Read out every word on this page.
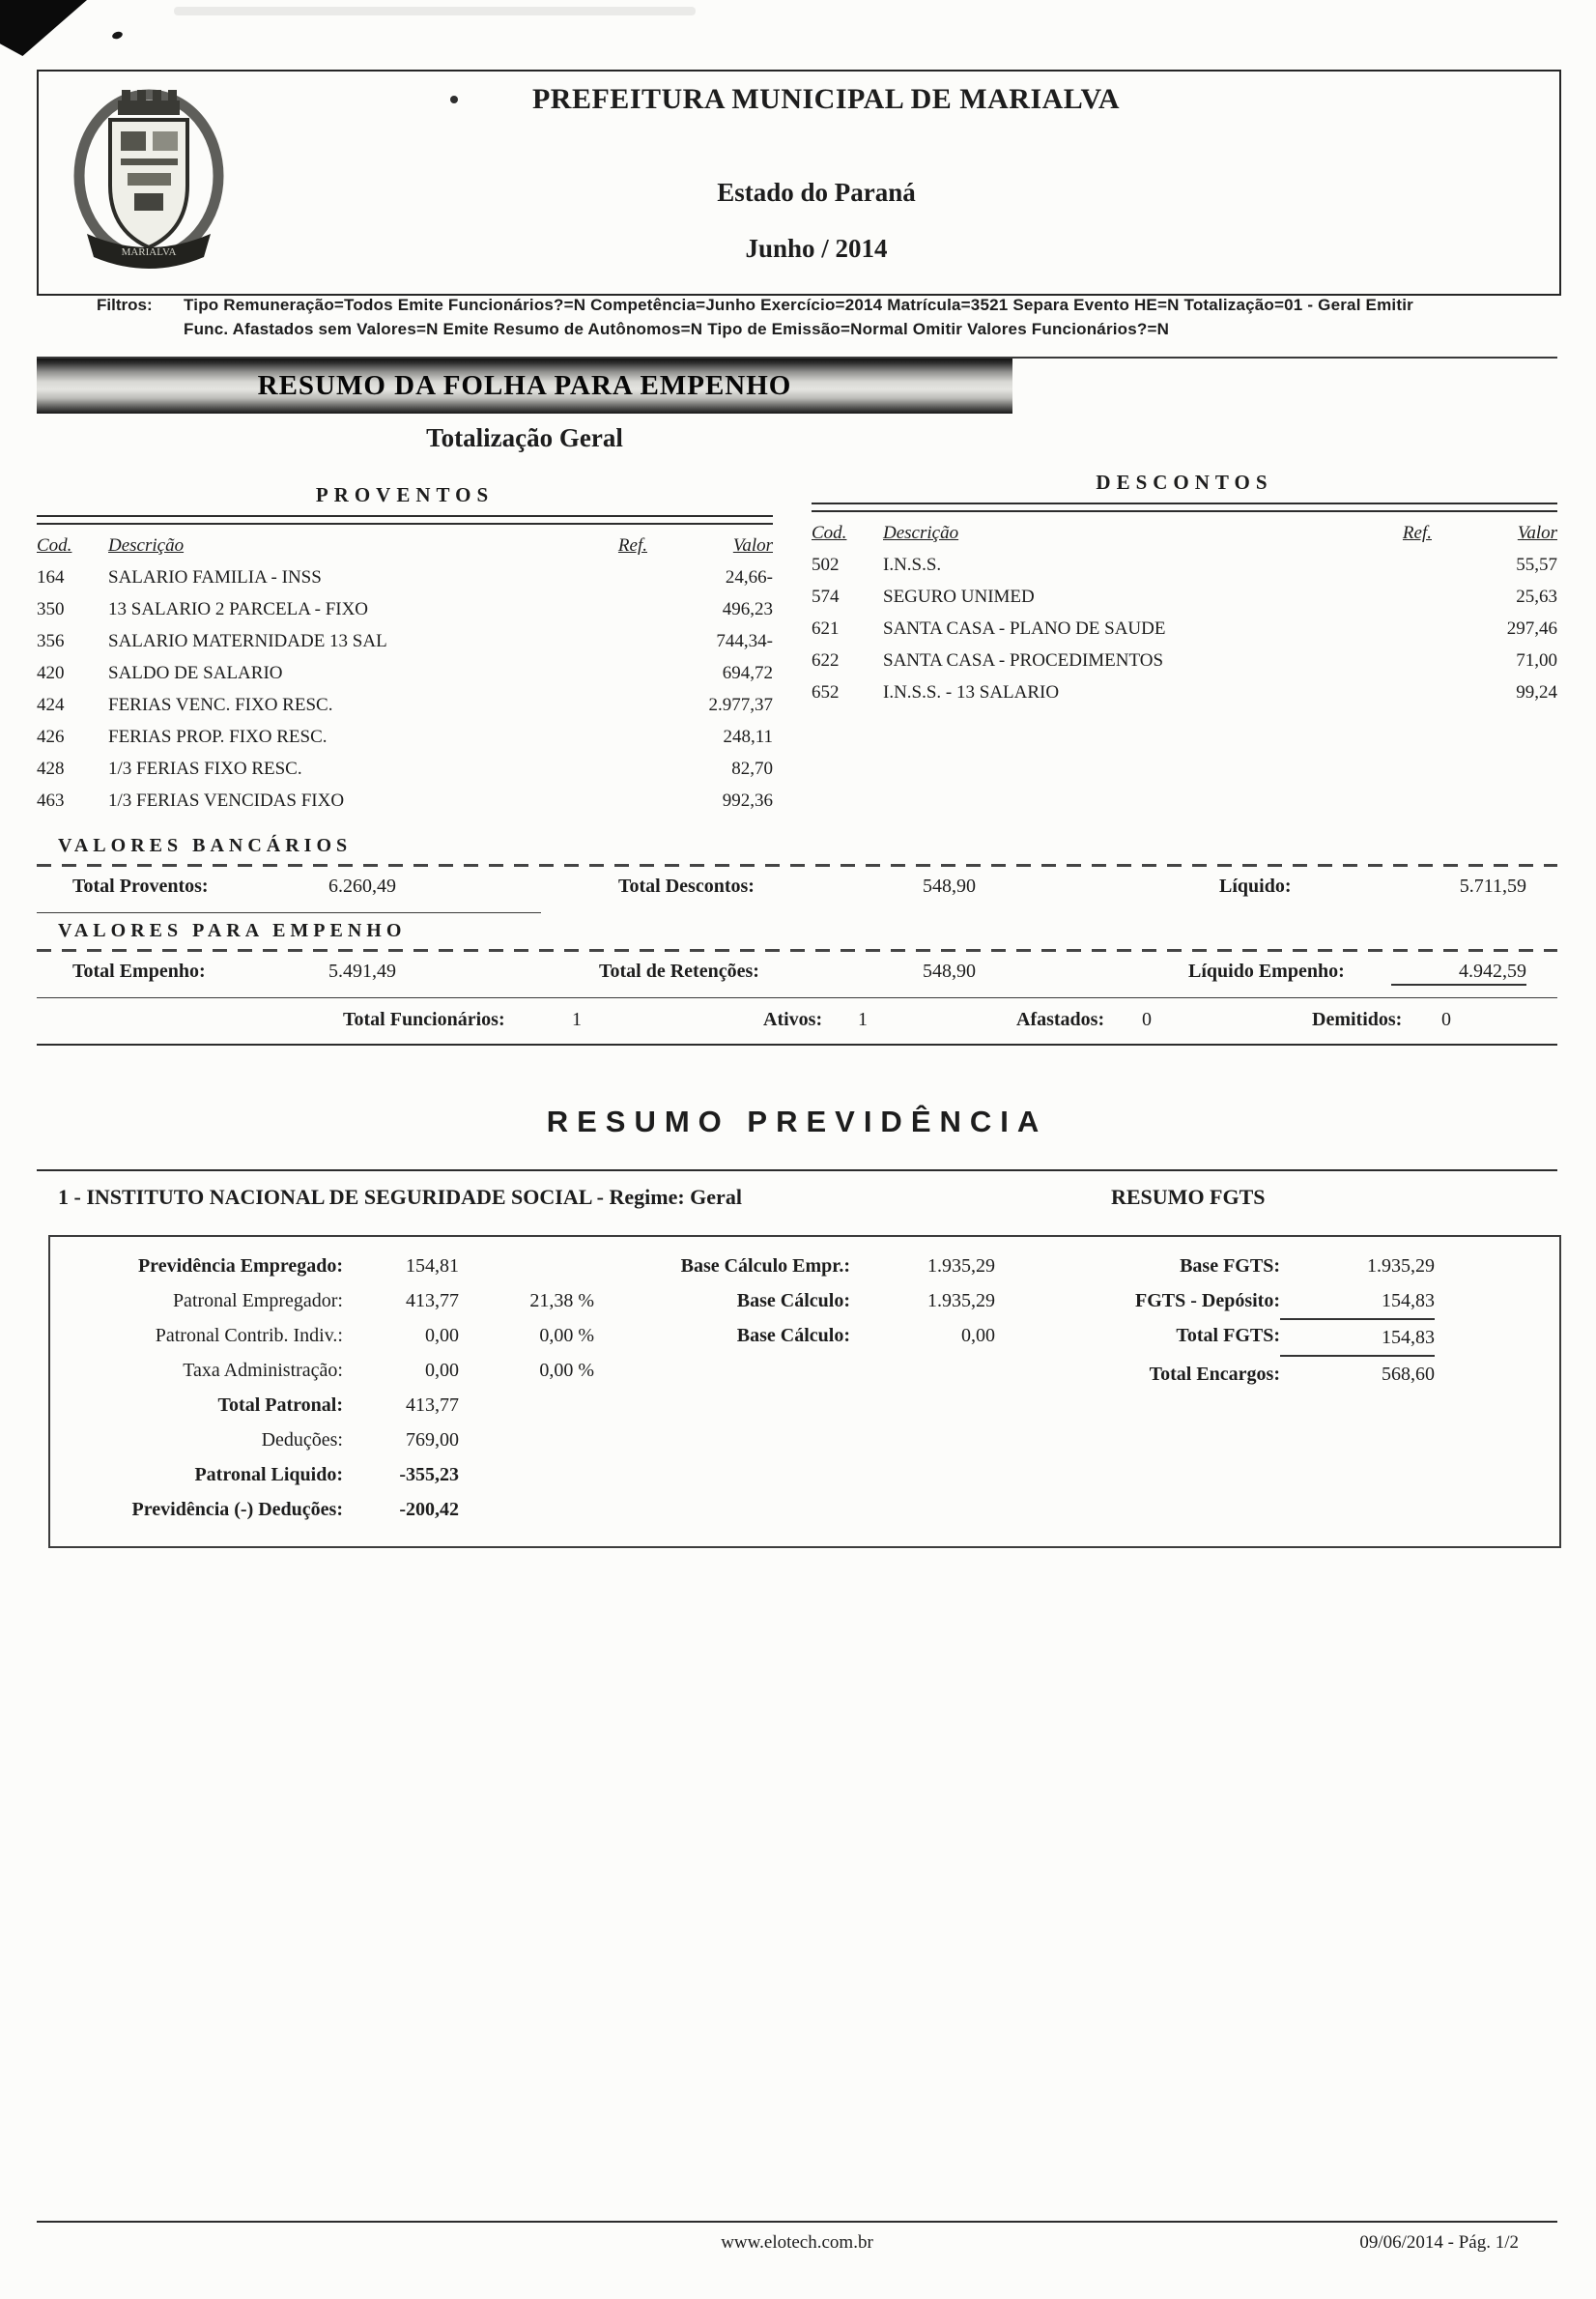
MARIALVA
PREFEITURA MUNICIPAL DE MARIALVA
Estado do Paraná
Junho / 2014
Filtros: Tipo Remuneração=Todos Emite Funcionários?=N Competência=Junho Exercício=2014 Matrícula=3521 Separa Evento HE=N Totalização=01 - Geral Emitir
Func. Afastados sem Valores=N Emite Resumo de Autônomos=N Tipo de Emissão=Normal Omitir Valores Funcionários?=N
RESUMO DA FOLHA PARA EMPENHO
Totalização Geral
PROVENTOS
Cod.	Descrição	Ref.	Valor
164	SALARIO FAMILIA - INSS	24,66-
350	13 SALARIO 2 PARCELA - FIXO	496,23
356	SALARIO MATERNIDADE 13 SAL	744,34-
420	SALDO DE SALARIO	694,72
424	FERIAS VENC. FIXO RESC.	2.977,37
426	FERIAS PROP. FIXO RESC.	248,11
428	1/3 FERIAS FIXO RESC.	82,70
463	1/3 FERIAS VENCIDAS FIXO	992,36
DESCONTOS
Cod.	Descrição	Ref.	Valor
502	I.N.S.S.	55,57
574	SEGURO UNIMED	25,63
621	SANTA CASA - PLANO DE SAUDE	297,46
622	SANTA CASA - PROCEDIMENTOS	71,00
652	I.N.S.S. - 13 SALARIO	99,24
VALORES BANCÁRIOS
Total Proventos:	6.260,49	Total Descontos:	548,90	Líquido:	5.711,59
VALORES PARA EMPENHO
Total Empenho:	5.491,49	Total de Retenções:	548,90	Líquido Empenho:	4.942,59
Total Funcionários:	1	Ativos: 1	Afastados: 0	Demitidos: 0
RESUMO PREVIDÊNCIA
1 - INSTITUTO NACIONAL DE SEGURIDADE SOCIAL - Regime: Geral	RESUMO FGTS
Previdência Empregado:	154,81
Patronal Empregador:	413,77	21,38 %
Patronal Contrib. Indiv.:	0,00	0,00 %
Taxa Administração:	0,00	0,00 %
Total Patronal:	413,77
Deduções:	769,00
Patronal Liquido:	-355,23
Previdência (-) Deduções:	-200,42
Base Cálculo Empr.:	1.935,29
Base Cálculo:	1.935,29
Base Cálculo:	0,00
Base FGTS:	1.935,29
FGTS - Depósito:	154,83
Total FGTS:	154,83
Total Encargos:	568,60
www.elotech.com.br	09/06/2014 - Pág. 1/2
